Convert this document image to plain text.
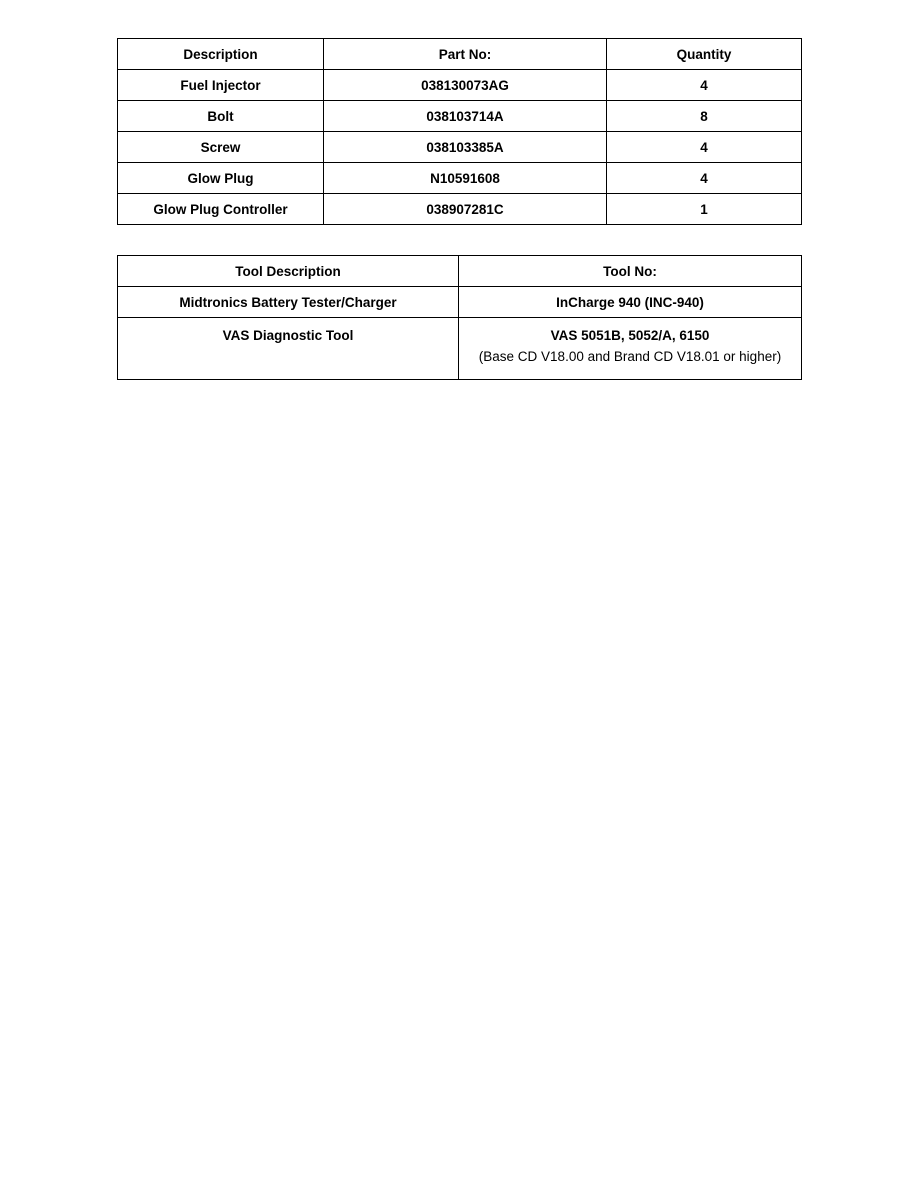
Description	Part No:	Quantity
Fuel Injector	038130073AG	4
Bolt	038103714A	8
Screw	038103385A	4
Glow Plug	N10591608	4
Glow Plug Controller	038907281C	1
Tool Description	Tool No:
Midtronics Battery Tester/Charger	InCharge 940 (INC-940)
VAS Diagnostic Tool	VAS 5051B, 5052/A, 6150
(Base CD V18.00 and Brand CD V18.01 or higher)
